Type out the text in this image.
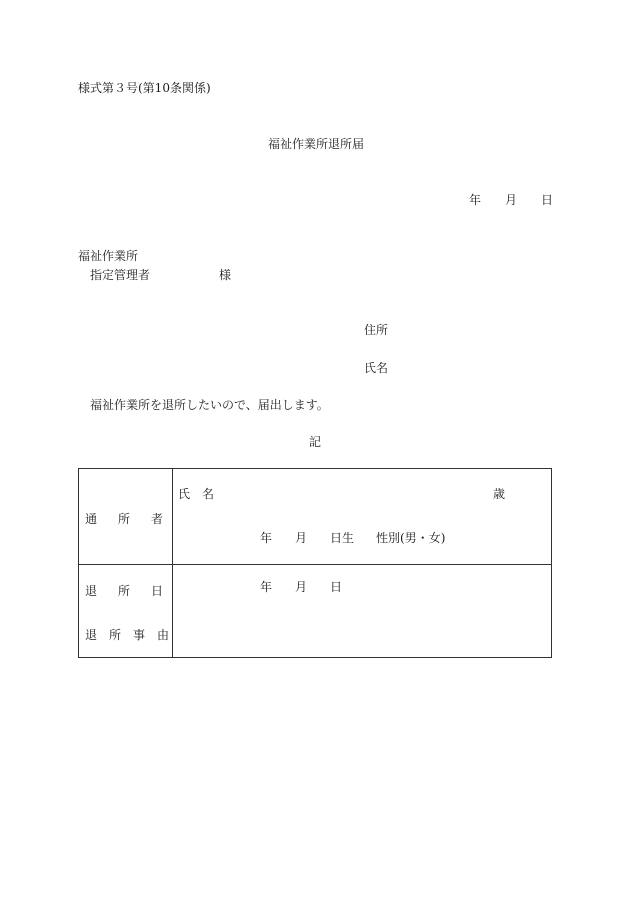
様式第３号(第10条関係)
福祉作業所退所届
年 月 日
福祉作業所
指定管理者	様
住所
氏名
福祉作業所を退所したいので、届出します。
記
通 所 者
氏 名	歳
年 月 日生 性別(男・女)
退 所 日
退 所 事 由
年 月 日
